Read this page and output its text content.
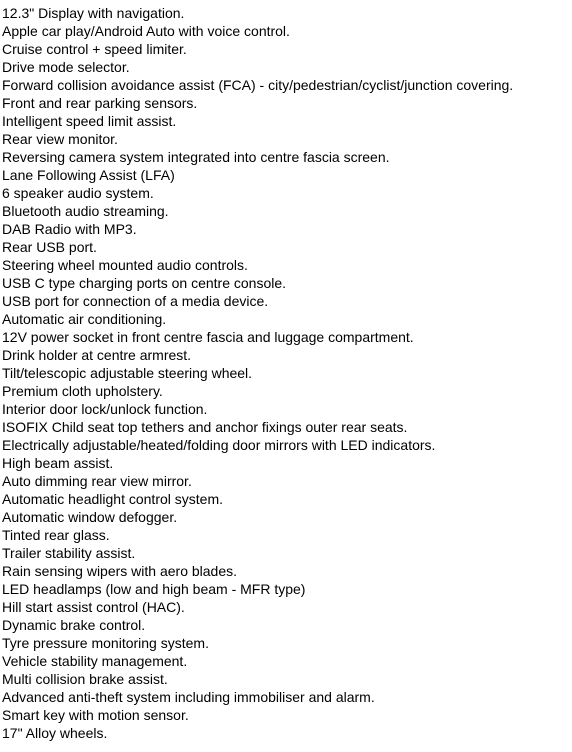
12.3" Display with navigation.
Apple car play/Android Auto with voice control.
Cruise control + speed limiter.
Drive mode selector.
Forward collision avoidance assist (FCA) - city/pedestrian/cyclist/junction covering.
Front and rear parking sensors.
Intelligent speed limit assist.
Rear view monitor.
Reversing camera system integrated into centre fascia screen.
Lane Following Assist (LFA)
6 speaker audio system.
Bluetooth audio streaming.
DAB Radio with MP3.
Rear USB port.
Steering wheel mounted audio controls.
USB C type charging ports on centre console.
USB port for connection of a media device.
Automatic air conditioning.
12V power socket in front centre fascia and luggage compartment.
Drink holder at centre armrest.
Tilt/telescopic adjustable steering wheel.
Premium cloth upholstery.
Interior door lock/unlock function.
ISOFIX Child seat top tethers and anchor fixings outer rear seats.
Electrically adjustable/heated/folding door mirrors with LED indicators.
High beam assist.
Auto dimming rear view mirror.
Automatic headlight control system.
Automatic window defogger.
Tinted rear glass.
Trailer stability assist.
Rain sensing wipers with aero blades.
LED headlamps (low and high beam - MFR type)
Hill start assist control (HAC).
Dynamic brake control.
Tyre pressure monitoring system.
Vehicle stability management.
Multi collision brake assist.
Advanced anti-theft system including immobiliser and alarm.
Smart key with motion sensor.
17" Alloy wheels.
